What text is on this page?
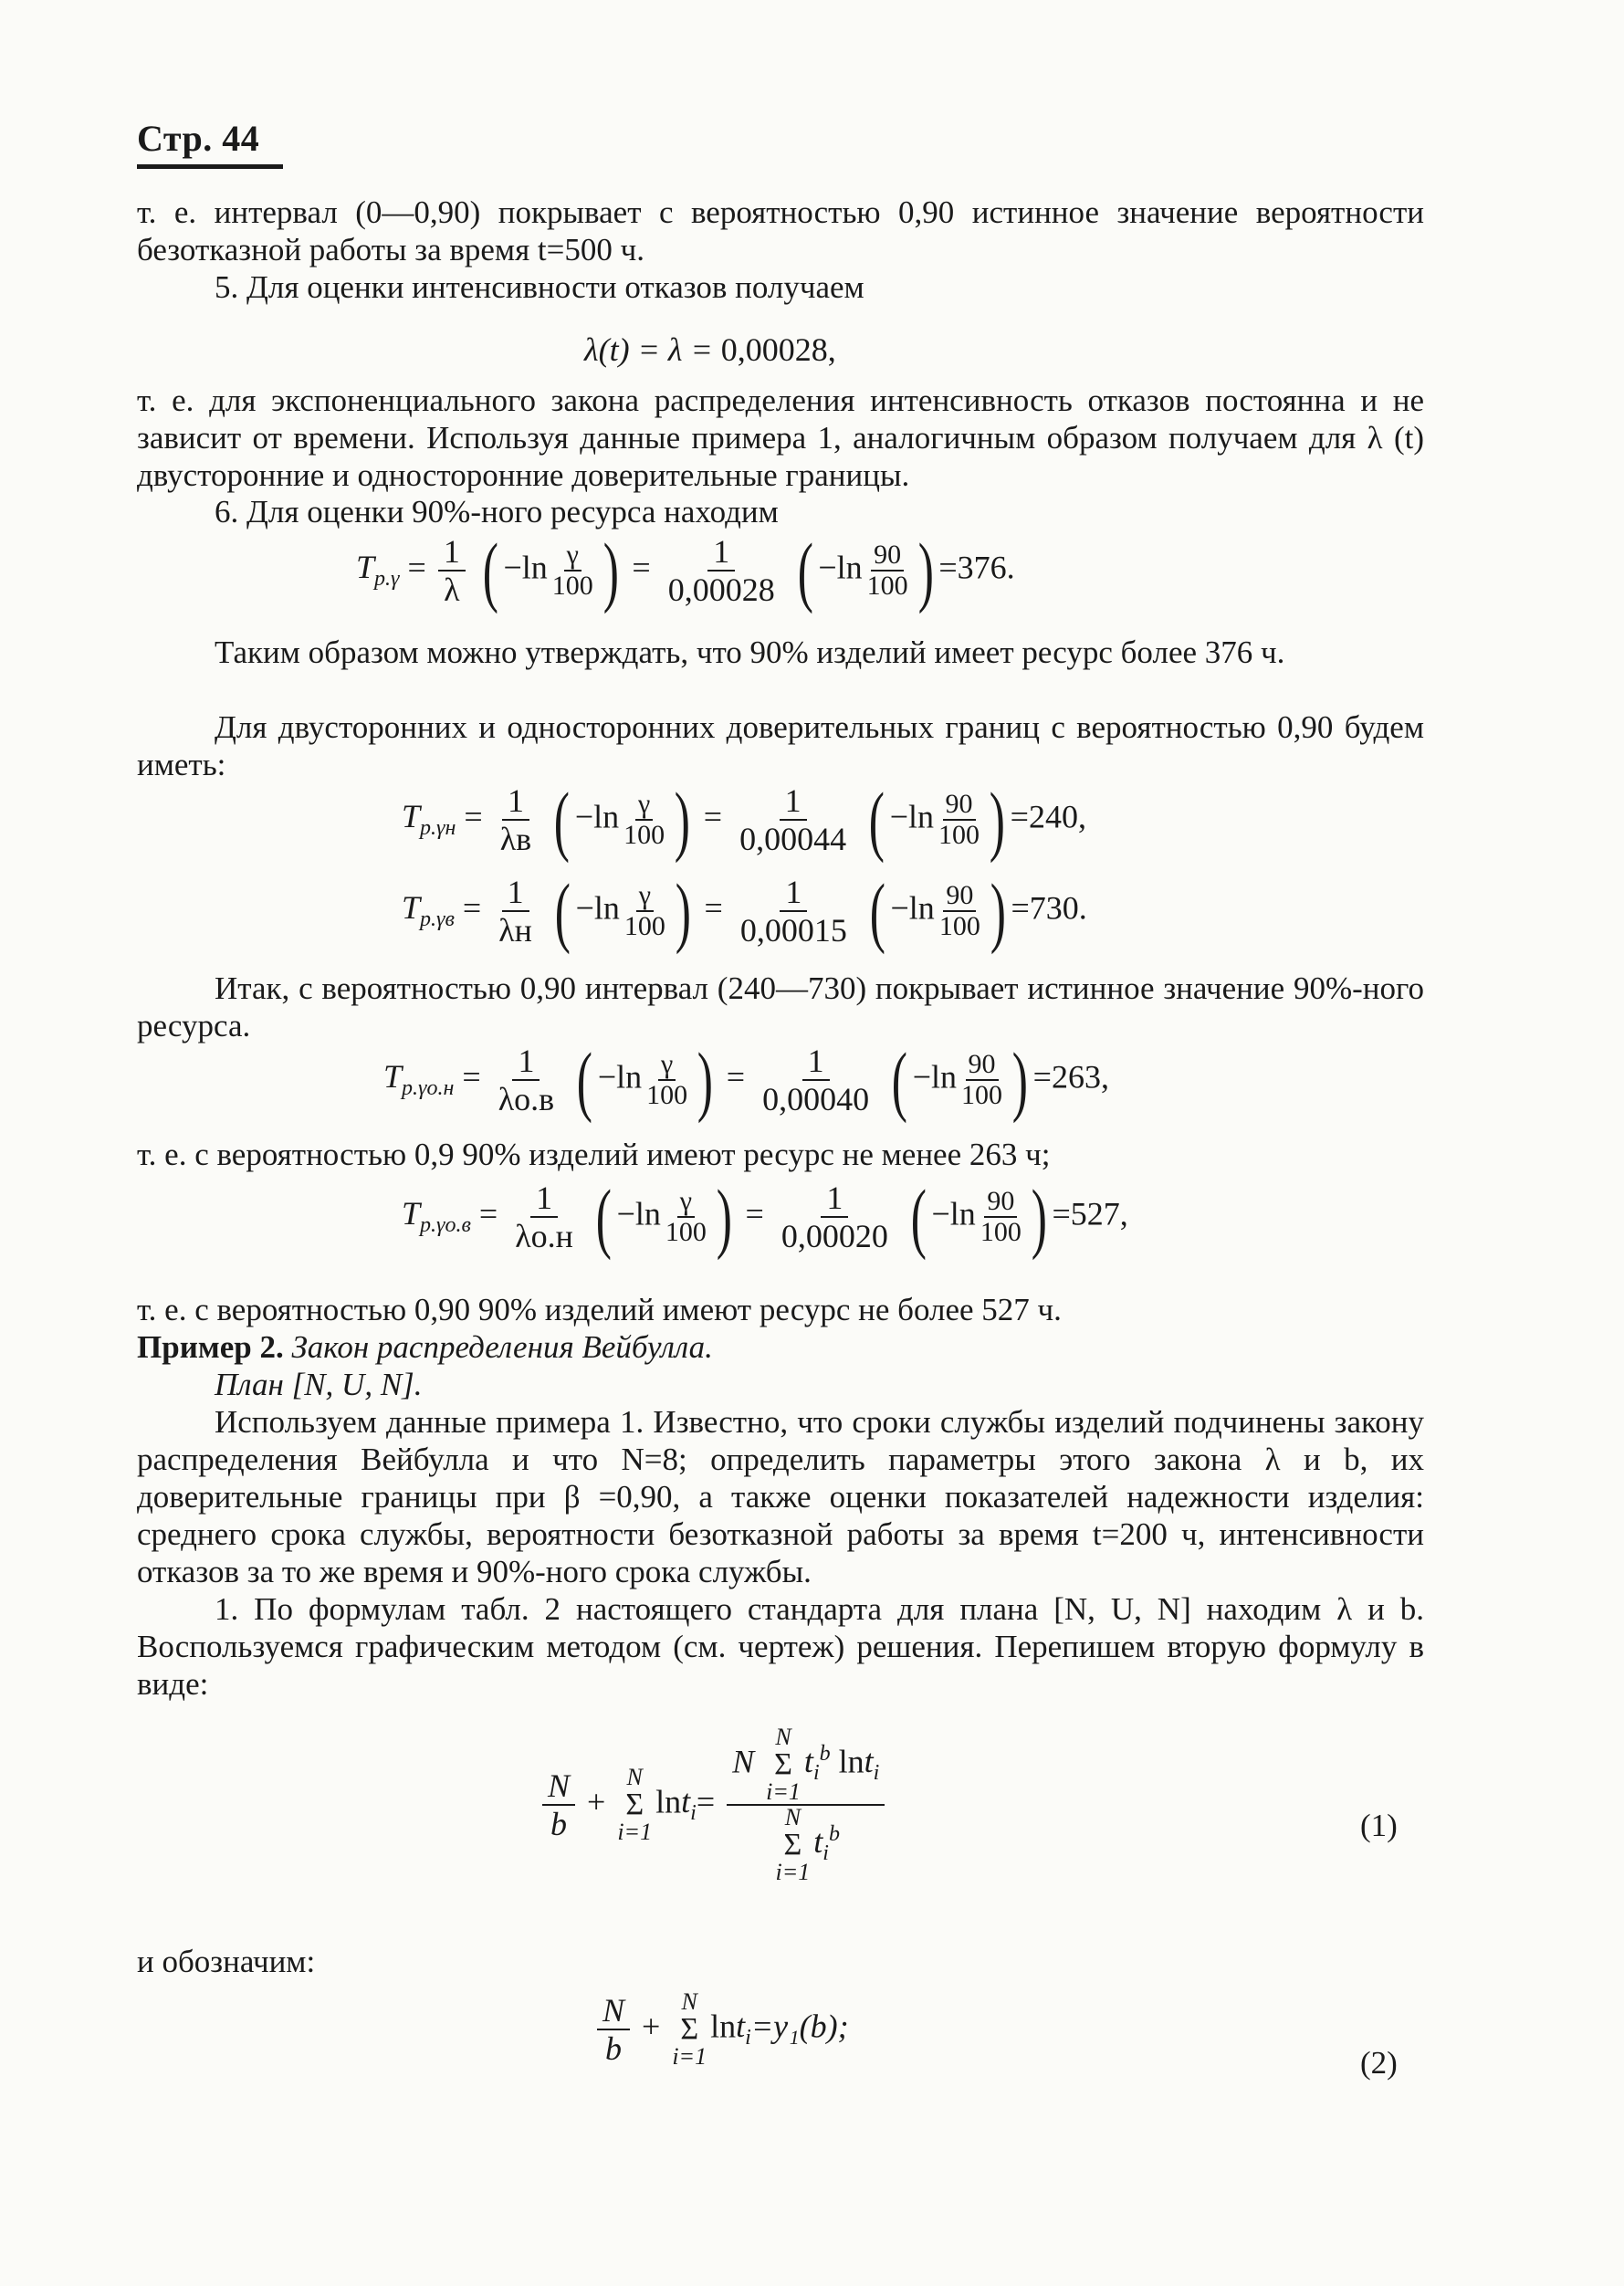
Стр. 44

т. е. интервал (0—0,90) покрывает с вероятностью 0,90 истинное значение вероятности безотказной работы за время t=500 ч.

5. Для оценки интенсивности отказов получаем

λ(t) = λ = 0,00028,

т. е. для экспоненциального закона распределения интенсивность отказов постоянна и не зависит от времени. Используя данные примера 1, аналогичным образом получаем для λ (t) двусторонние и односторонние доверительные границы.

6. Для оценки 90%-ного ресурса находим

$T_{р.\gamma} = \frac{1}{\lambda}$ ( $-\ln \frac{\gamma}{100}$ ) = $\frac{1}{0,00028}$ ( $-\ln \frac{90}{100}$ ) =376.

Таким образом можно утверждать, что 90% изделий имеет ресурс более 376 ч.

Для двусторонних и односторонних доверительных границ с вероятностью 0,90 будем иметь:

$T_{р.\gamma н} = \frac{1}{\lambda в}$ ( $-\ln \frac{\gamma}{100}$ ) = $\frac{1}{0,00044}$ ( $-\ln \frac{90}{100}$ ) =240,
$T_{р.\gamma в} = \frac{1}{\lambda н}$ ( $-\ln \frac{\gamma}{100}$ ) = $\frac{1}{0,00015}$ ( $-\ln \frac{90}{100}$ ) =730.

Итак, с вероятностью 0,90 интервал (240—730) покрывает истинное значение 90%-ного ресурса.

$T_{р.\gamma о.н} = \frac{1}{\lambda о.в}$ ( $-\ln \frac{\gamma}{100}$ ) = $\frac{1}{0,00040}$ ( $-\ln \frac{90}{100}$ ) =263,

т. е. с вероятностью 0,9 90% изделий имеют ресурс не менее 263 ч;

$T_{р.\gamma о.в} = \frac{1}{\lambda о.н}$ ( $-\ln \frac{\gamma}{100}$ ) = $\frac{1}{0,00020}$ ( $-\ln \frac{90}{100}$ ) =527,

т. е. с вероятностью 0,90 90% изделий имеют ресурс не более 527 ч.

Пример 2. Закон распределения Вейбулла.

План [N, U, N].

Используем данные примера 1. Известно, что сроки службы изделий подчинены закону распределения Вейбулла и что N=8; определить параметры этого закона λ и b, их доверительные границы при β =0,90, а также оценки показателей надежности изделия: среднего срока службы, вероятности безотказной работы за время t=200 ч, интенсивности отказов за то же время и 90%-ного срока службы.

1. По формулам табл. 2 настоящего стандарта для плана [N, U, N] находим λ и b. Воспользуемся графическим методом (см. чертеж) решения. Перепишем вторую формулу в виде:

$\frac{N}{b}$ +
N
Σ
i=1
lnt$_i$= N
N
Σ
i=1
$t_i^b$ lnt$_i$
N
Σ
i=1
$t_i^b$	(1)

и обозначим:

$\frac{N}{b}$ +
N
Σ
i=1
lnt$_i$=y₁(b);
(2)
